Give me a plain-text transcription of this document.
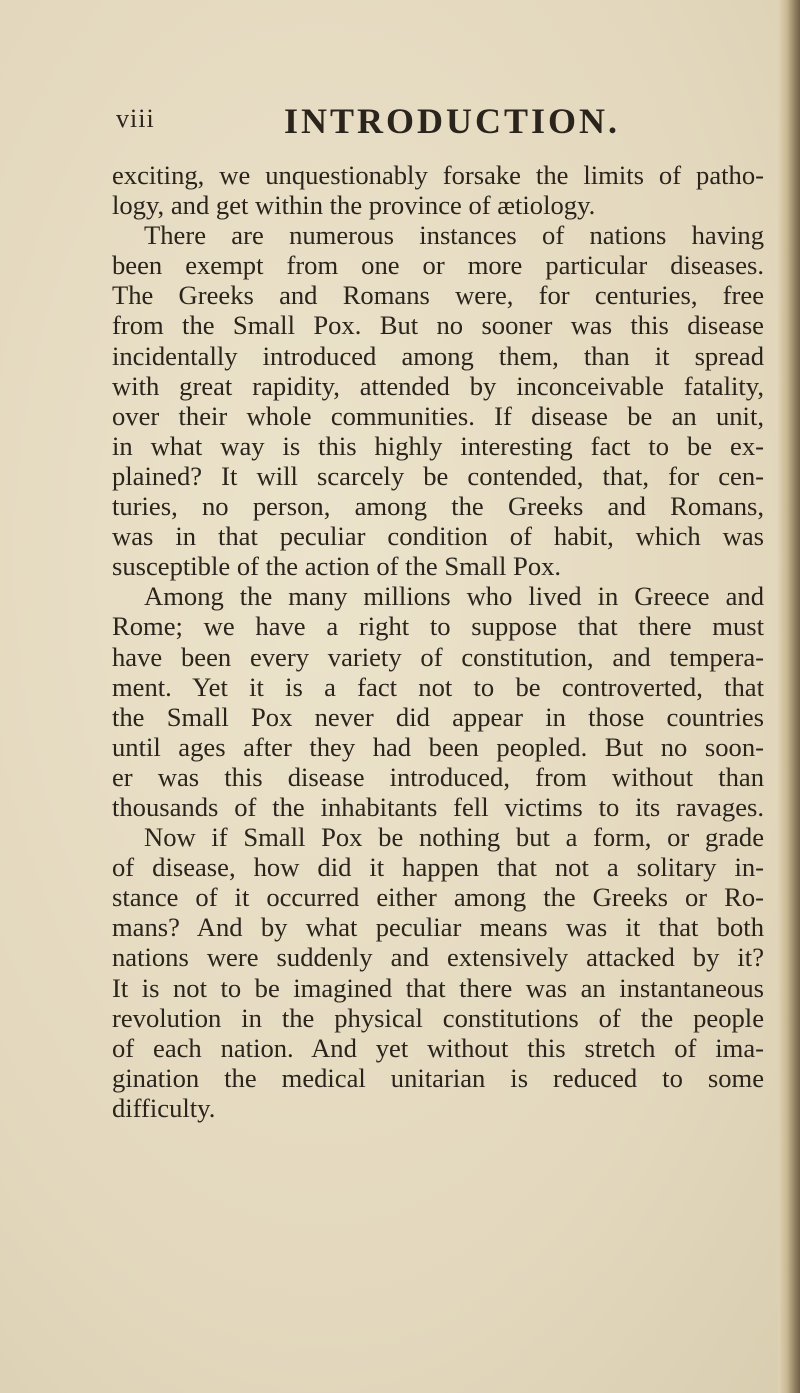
viii	INTRODUCTION.
exciting, we unquestionably forsake the limits of patho-
logy, and get within the province of ætiology.
There are numerous instances of nations having
been exempt from one or more particular diseases.
The Greeks and Romans were, for centuries, free
from the Small Pox. But no sooner was this disease
incidentally introduced among them, than it spread
with great rapidity, attended by inconceivable fatality,
over their whole communities. If disease be an unit,
in what way is this highly interesting fact to be ex-
plained? It will scarcely be contended, that, for cen-
turies, no person, among the Greeks and Romans,
was in that peculiar condition of habit, which was
susceptible of the action of the Small Pox.
Among the many millions who lived in Greece and
Rome; we have a right to suppose that there must
have been every variety of constitution, and tempera-
ment. Yet it is a fact not to be controverted, that
the Small Pox never did appear in those countries
until ages after they had been peopled. But no soon-
er was this disease introduced, from without than
thousands of the inhabitants fell victims to its ravages.
Now if Small Pox be nothing but a form, or grade
of disease, how did it happen that not a solitary in-
stance of it occurred either among the Greeks or Ro-
mans? And by what peculiar means was it that both
nations were suddenly and extensively attacked by it?
It is not to be imagined that there was an instantaneous
revolution in the physical constitutions of the people
of each nation. And yet without this stretch of ima-
gination the medical unitarian is reduced to some
difficulty.
